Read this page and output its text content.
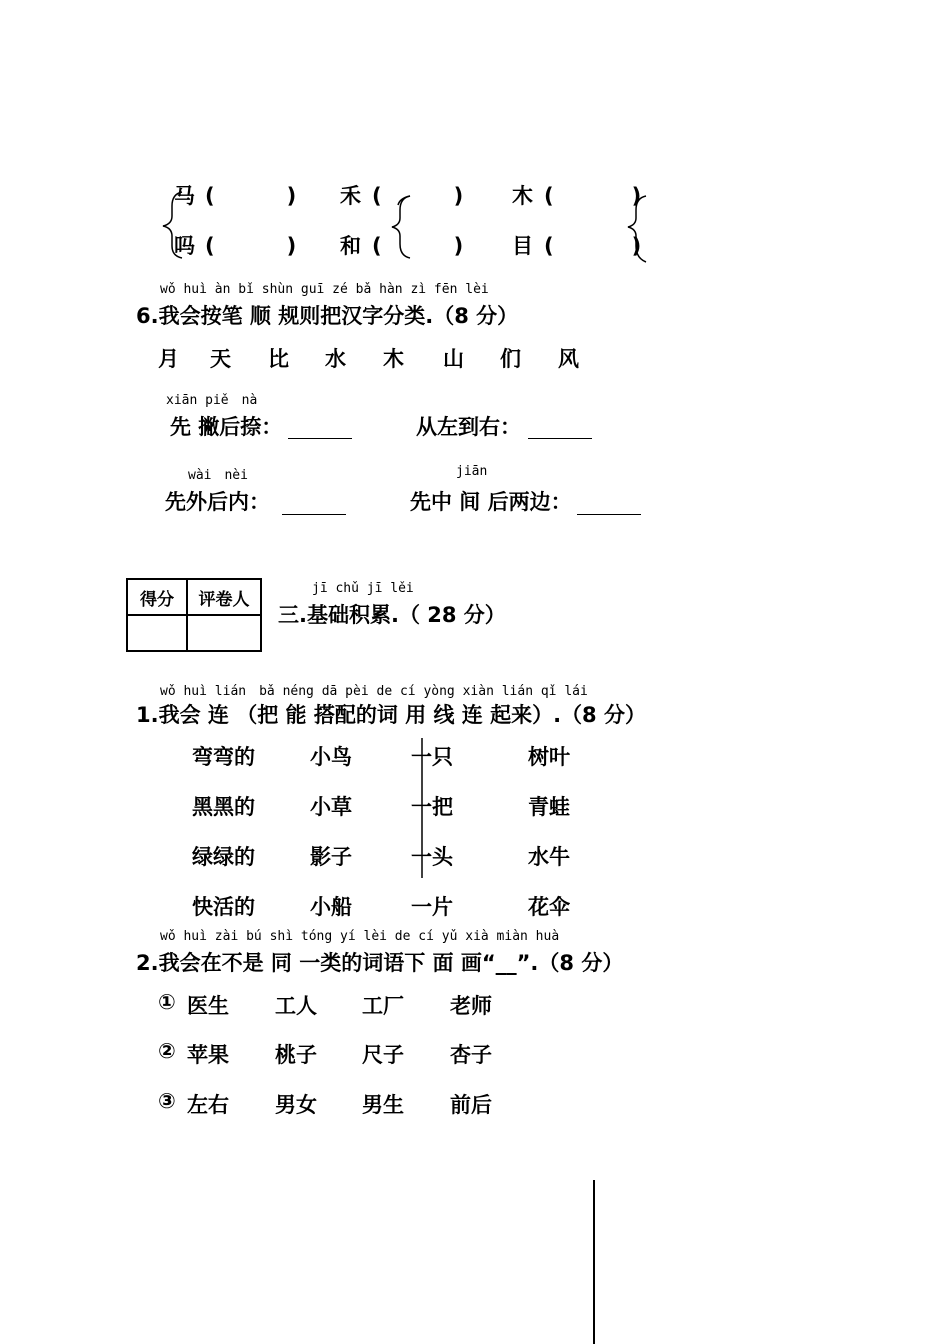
马 (　　) 禾 (　　) 木 (　　)
吗 (　　) 和 (　　) 目 (　　)
wǒ huì àn bǐ shùn guī zé bǎ hàn zì fēn lèi
6.我会按笔 顺 规则把汉字分类.（8 分）
月 天 比 水 木 山 们 风
xiān piě　nà
先 撇后捺：	从左到右：
wài　nèi
先外后内：
jiān
先中 间 后两边：
得分	评卷人

jī chǔ jī lěi
三.基础积累.（ 28 分）
wǒ huì lián　bǎ néng dā pèi de cí yòng xiàn lián qǐ lái
1.我会 连 （把 能 搭配的词 用 线 连 起来）.（8 分）
弯弯的	小鸟	一只	树叶
黑黑的	小草	一把	青蛙
绿绿的	影子	一头	水牛
快活的	小船	一片	花伞
wǒ huì zài bú shì tóng yí lèi de cí yǔ xià miàn huà
2.我会在不是 同 一类的词语下 面 画“__”.（8 分）
① 医生 工人 工厂 老师
② 苹果 桃子 尺子 杏子
③ 左右 男女 男生 前后
